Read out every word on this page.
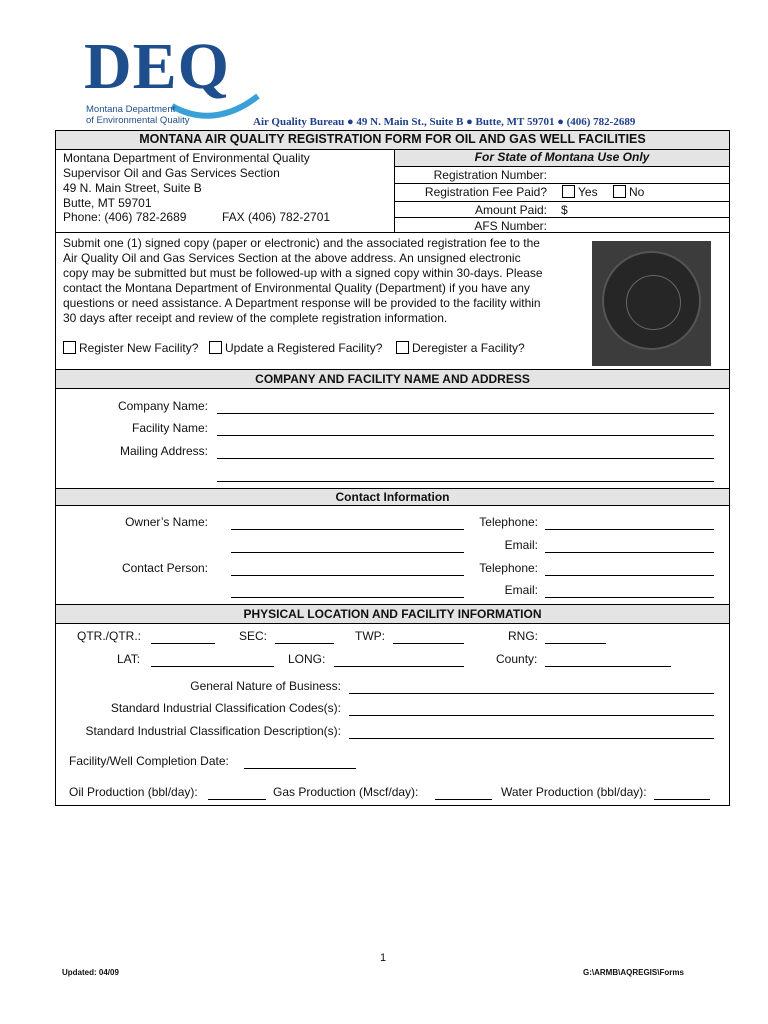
DEQ
Montana Department
of Environmental Quality	Air Quality Bureau ● 49 N. Main St., Suite B ● Butte, MT 59701 ● (406) 782-2689
MONTANA AIR QUALITY REGISTRATION FORM FOR OIL AND GAS WELL FACILITIES
Montana Department of Environmental Quality
Supervisor Oil and Gas Services Section
49 N. Main Street, Suite B
Butte, MT 59701
Phone: (406) 782-2689	FAX (406) 782-2701
For State of Montana Use Only
Registration Number:
Registration Fee Paid?	Yes	No
Amount Paid: $
AFS Number:
Submit one (1) signed copy (paper or electronic) and the associated registration fee to the
Air Quality Oil and Gas Services Section at the above address. An unsigned electronic
copy may be submitted but must be followed-up with a signed copy within 30-days. Please
contact the Montana Department of Environmental Quality (Department) if you have any
questions or need assistance. A Department response will be provided to the facility within
30 days after receipt and review of the complete registration information.
Register New Facility?	Update a Registered Facility?	Deregister a Facility?
COMPANY AND FACILITY NAME AND ADDRESS
Company Name:
Facility Name:
Mailing Address:
Contact Information
Owner’s Name:	Telephone:
Email:
Contact Person:	Telephone:
Email:
PHYSICAL LOCATION AND FACILITY INFORMATION
QTR./QTR.:	SEC:	TWP:	RNG:
LAT:	LONG:	County:
General Nature of Business:
Standard Industrial Classification Codes(s):
Standard Industrial Classification Description(s):
Facility/Well Completion Date:
Oil Production (bbl/day):	Gas Production (Mscf/day):	Water Production (bbl/day):
1
Updated: 04/09	G:\ARMB\AQREGIS\Forms
